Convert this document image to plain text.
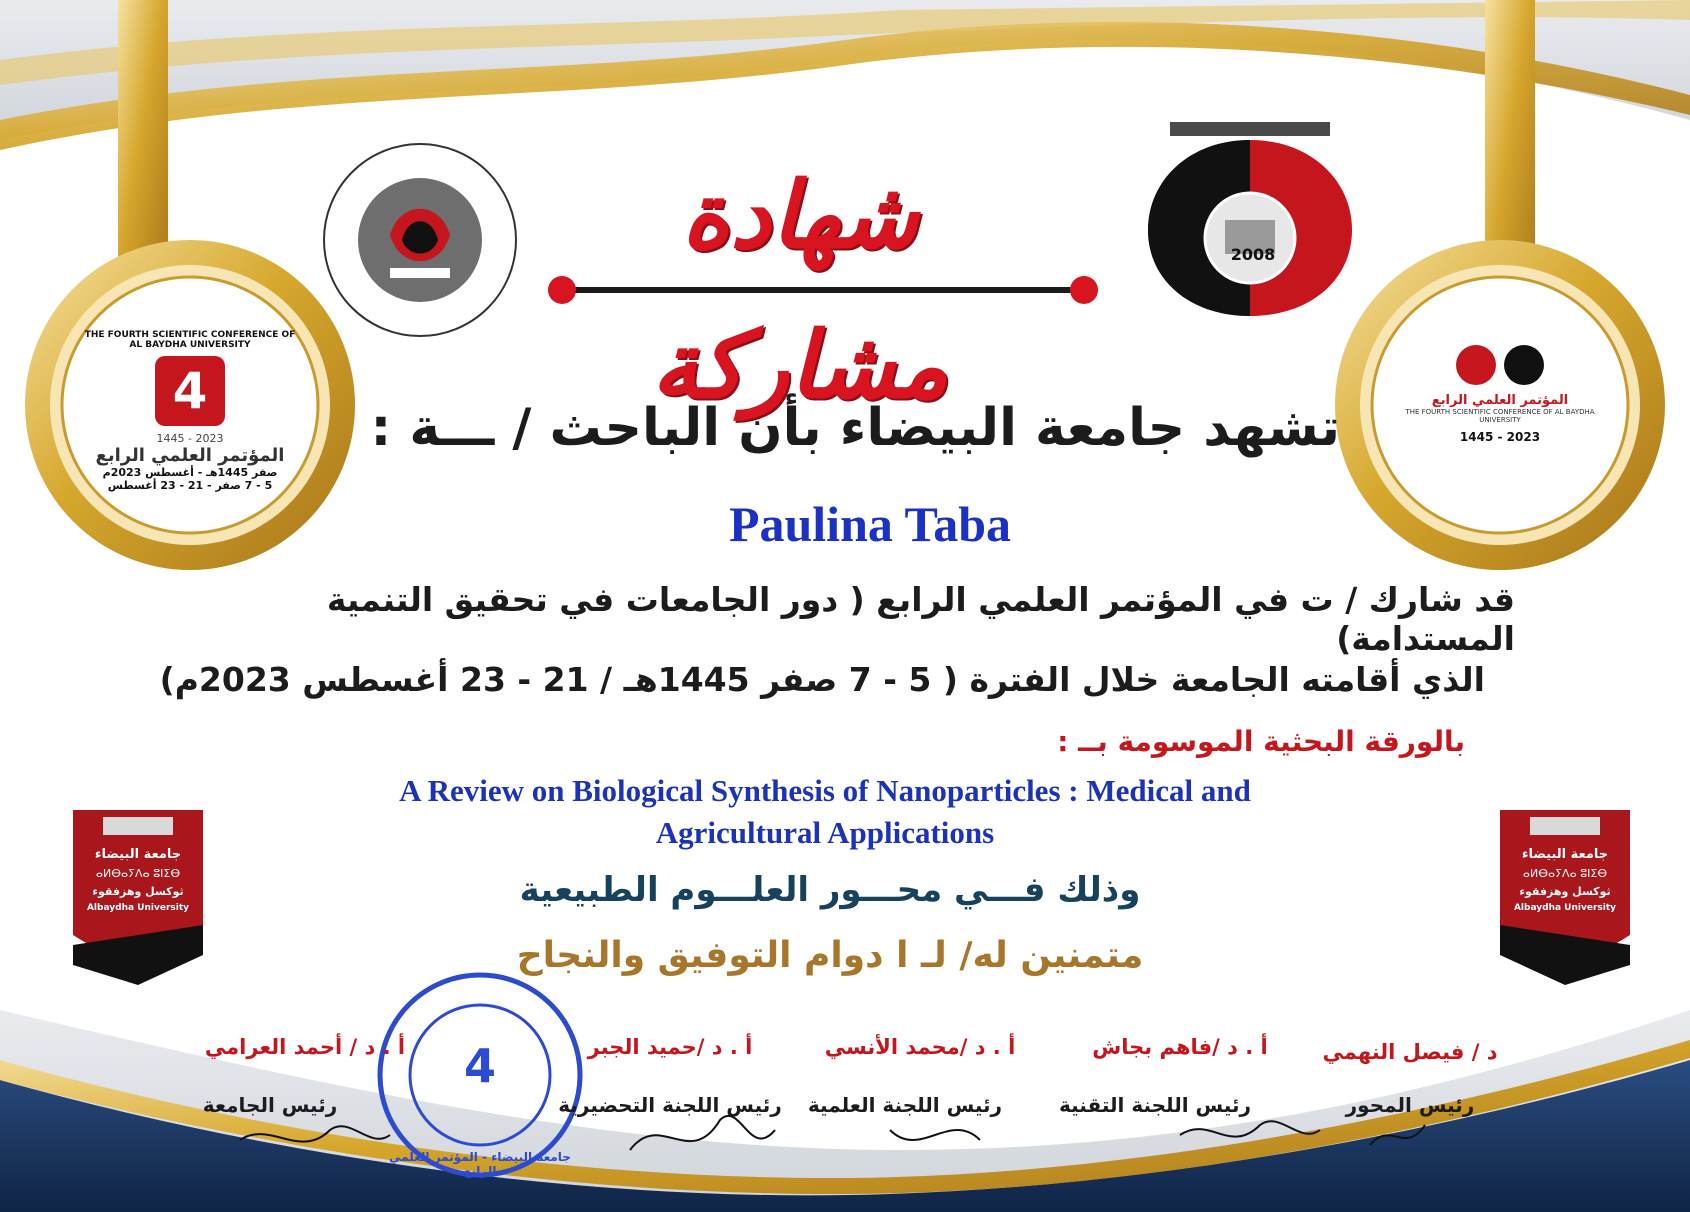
2008
شهادة مشاركة
THE FOURTH SCIENTIFIC CONFERENCE OF AL BAYDHA UNIVERSITY
4
1445 - 2023
المؤتمر العلمي الرابع
صفر 1445هـ - أغسطس 2023م
5 - 7 صفر - 21 - 23 أغسطس
المؤتمر العلمي الرابع
THE FOURTH SCIENTIFIC CONFERENCE OF AL BAYDHA UNIVERSITY
1445 - 2023
تشهد جامعة البيضاء بأن الباحث / ـــة :
Paulina Taba
قد شارك / ت في المؤتمر العلمي الرابع ( دور الجامعات في تحقيق التنمية المستدامة)
الذي أقامته الجامعة خلال الفترة ( 5 - 7 صفر 1445هـ / 21 - 23 أغسطس 2023م)
بالورقة البحثية الموسومة بــ :
A Review on Biological Synthesis of Nanoparticles : Medical and Agricultural Applications
وذلك فـــي محـــور العلـــوم الطبيعية
متمنين له/ لـ ا دوام التوفيق والنجاح
جامعة البيضاء
ⴰⵍⴱⴰⵢⴷⴰ ⵓⵏⵉⴱ
ثوكسل وهزفقوء
Albaydha University
جامعة البيضاء
ⴰⵍⴱⴰⵢⴷⴰ ⵓⵏⵉⴱ
ثوكسل وهزفقوء
Albaydha University
4
جامعة البيضاء - المؤتمر العلمي الرابع
د / فيصل النهمي
رئيس المحور
أ . د /فاهم بجاش
رئيس اللجنة التقنية
أ . د /محمد الأنسي
رئيس اللجنة العلمية
أ . د /حميد الجبر
رئيس اللجنة التحضيرية
أ . د / أحمد العرامي
رئيس الجامعة
